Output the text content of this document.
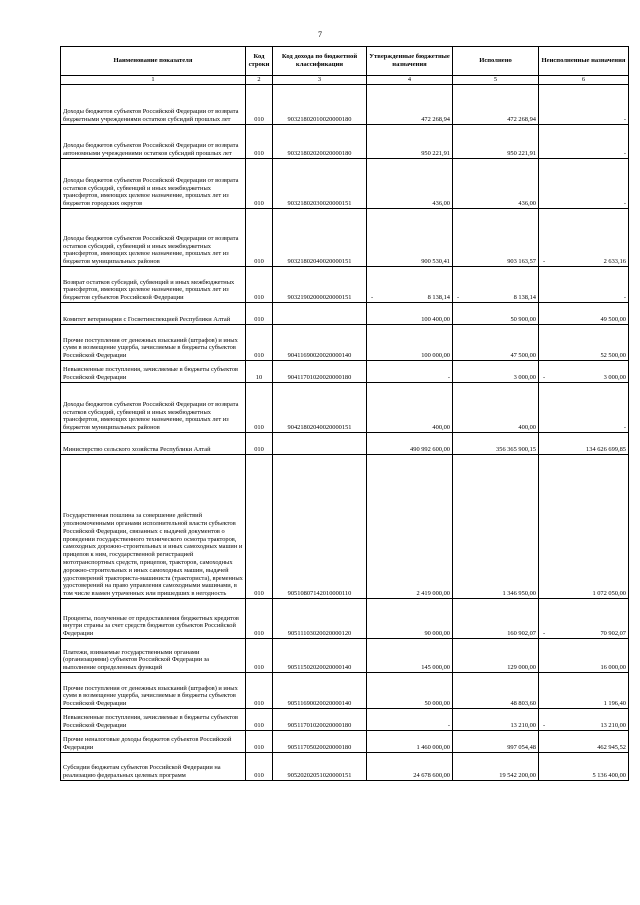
7
Наименование показателя	Код строки	Код дохода по бюджетной классификации	Утвержденные бюджетные назначения	Исполнено	Неисполненные назначения
1	2	3	4	5	6
Доходы бюджетов субъектов Российской Федерации от возврата бюджетными учреждениями остатков субсидий прошлых лет	010	90321802010020000180	472 268,94	472 268,94	-
Доходы бюджетов субъектов Российской Федерации от возврата автономными учреждениями остатков субсидий прошлых лет	010	90321802020020000180	950 221,91	950 221,91	-
Доходы бюджетов субъектов Российской Федерации от возврата остатков субсидий, субвенций и иных межбюджетных трансфертов, имеющих целевое назначение, прошлых лет из бюджетов городских округов	010	90321802030020000151	436,00	436,00	-
Доходы бюджетов субъектов Российской Федерации от возврата остатков субсидий, субвенций и иных межбюджетных трансфертов, имеющих целевое назначение, прошлых лет из бюджетов муниципальных районов	010	90321802040020000151	900 530,41	903 163,57	- 2 633,16
Возврат остатков субсидий, субвенций и иных межбюджетных трансфертов, имеющих целевое назначение, прошлых лет из бюджетов субъектов Российской Федерации	010	90321902000020000151	- 8 138,14	- 8 138,14	-
Комитет ветеринарии с Госветинспекцией Республики Алтай	010		100 400,00	50 900,00	49 500,00
Прочие поступления от денежных взысканий (штрафов) и иных сумм в возмещение ущерба, зачисляемые в бюджеты субъектов Российской Федерации	010	90411690020020000140	100 000,00	47 500,00	52 500,00
Невыясненные поступления, зачисляемые в бюджеты субъектов Российской Федерации	10	90411701020020000180	-	3 000,00	- 3 000,00
Доходы бюджетов субъектов Российской Федерации от возврата остатков субсидий, субвенций и иных межбюджетных трансфертов, имеющих целевое назначение, прошлых лет из бюджетов муниципальных районов	010	90421802040020000151	400,00	400,00	-
Министерство сельского хозяйства Республики Алтай	010		490 992 600,00	356 365 900,15	134 626 699,85
Государственная пошлина за совершение действий уполномоченными органами исполнительной власти субъектов Российской Федерации, связанных с выдачей документов о проведении государственного технического осмотра тракторов, самоходных дорожно-строительных и иных самоходных машин и прицепов к ним, государственной регистрацией мототранспортных средств, прицепов, тракторов, самоходных дорожно-строительных и иных самоходных машин, выдачей удостоверений тракториста-машиниста (тракториста), временных удостоверений на право управления самоходными машинами, в том числе взамен утраченных или пришедших в негодность	010	90510807142010000110	2 419 000,00	1 346 950,00	1 072 050,00
Проценты, полученные от предоставления бюджетных кредитов внутри страны за счет средств бюджетов субъектов Российской Федерации	010	90511103020020000120	90 000,00	160 902,07	- 70 902,07
Платежи, взимаемые государственными органами (организациями) субъектов Российской Федерации за выполнение определенных функций	010	90511502020020000140	145 000,00	129 000,00	16 000,00
Прочие поступления от денежных взысканий (штрафов) и иных сумм в возмещение ущерба, зачисляемые в бюджеты субъектов Российской Федерации	010	90511690020020000140	50 000,00	48 803,60	1 196,40
Невыясненные поступления, зачисляемые в бюджеты субъектов Российской Федерации	010	90511701020020000180	-	13 210,00	- 13 210,00
Прочие неналоговые доходы бюджетов субъектов Российской Федерации	010	90511705020020000180	1 460 000,00	997 054,48	462 945,52
Субсидии бюджетам субъектов Российской Федерации на реализацию федеральных целевых программ	010	90520202051020000151	24 678 600,00	19 542 200,00	5 136 400,00
